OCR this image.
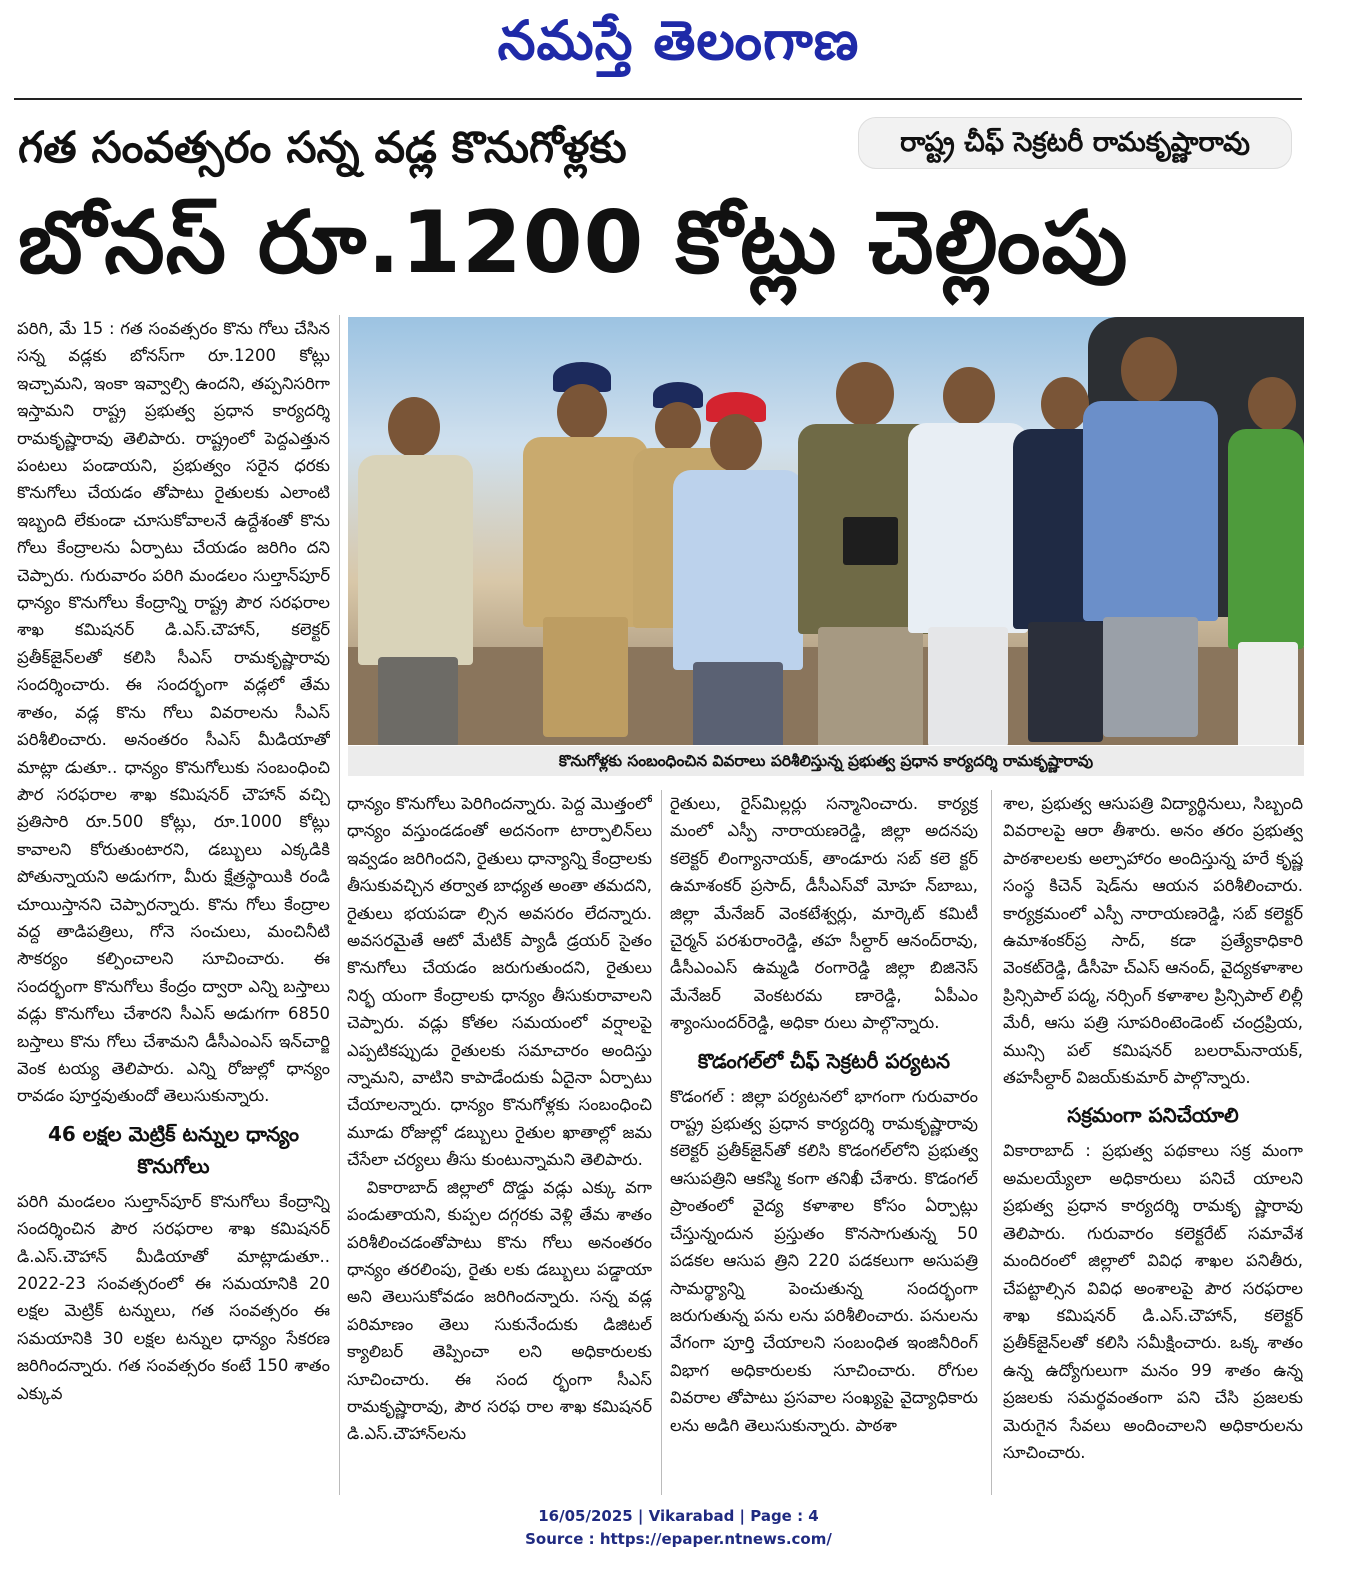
నమస్తే తెలంగాణ
గత సంవత్సరం సన్న వడ్ల కొనుగోళ్లకు	రాష్ట్ర చీఫ్ సెక్రటరీ రామకృష్ణారావు
బోనస్ రూ.1200 కోట్లు చెల్లింపు

పరిగి, మే 15 : గత సంవత్సరం కొను గోలు చేసిన సన్న వడ్లకు బోనస్‌గా రూ.1200 కోట్లు ఇచ్చామని, ఇంకా ఇవ్వాల్సి ఉందని, తప్పనిసరిగా ఇస్తామని రాష్ట్ర ప్రభుత్వ ప్రధాన కార్యదర్శి రామకృష్ణారావు తెలిపారు. రాష్ట్రంలో పెద్దఎత్తున పంటలు పండాయని, ప్రభుత్వం సరైన ధరకు కొనుగోలు చేయడం తోపాటు రైతులకు ఎలాంటి ఇబ్బంది లేకుండా చూసుకోవాలనే ఉద్దేశంతో కొను గోలు కేంద్రాలను ఏర్పాటు చేయడం జరిగిం దని చెప్పారు. గురువారం పరిగి మండలం సుల్తాన్‌పూర్ ధాన్యం కొనుగోలు కేంద్రాన్ని రాష్ట్ర పౌర సరఫరాల శాఖ కమిషనర్ డి.ఎస్.చౌహాన్, కలెక్టర్ ప్రతీక్‌జైన్‌లతో కలిసి సీఎస్ రామకృష్ణారావు సందర్శించారు. ఈ సందర్భంగా వడ్లలో తేమ శాతం, వడ్ల కొను గోలు వివరాలను సీఎస్ పరిశీలించారు. అనంతరం సీఎస్ మీడియాతో మాట్లా డుతూ.. ధాన్యం కొనుగోలుకు సంబంధించి పౌర సరఫరాల శాఖ కమిషనర్ చౌహాన్ వచ్చి ప్రతిసారి రూ.500 కోట్లు, రూ.1000 కోట్లు కావాలని కోరుతుంటారని, డబ్బులు ఎక్కడికి పోతున్నాయని అడుగగా, మీరు క్షేత్రస్థాయికి రండి చూయిస్తానని చెప్పారన్నారు. కొను గోలు కేంద్రాల వద్ద తాడిపత్రిలు, గోనె సంచులు, మంచినీటి సౌకర్యం కల్పించాలని సూచించారు. ఈ సందర్భంగా కొనుగోలు కేంద్రం ద్వారా ఎన్ని బస్తాలు వడ్లు కొనుగోలు చేశారని సీఎస్ అడుగగా 6850 బస్తాలు కొను గోలు చేశామని డీసీఎంఎస్ ఇన్‌చార్జి వెంక టయ్య తెలిపారు. ఎన్ని రోజుల్లో ధాన్యం రావడం పూర్తవుతుందో తెలుసుకున్నారు.

46 లక్షల మెట్రిక్ టన్నుల ధాన్యం కొనుగోలు

పరిగి మండలం సుల్తాన్‌పూర్ కొనుగోలు కేంద్రాన్ని సందర్శించిన పౌర సరఫరాల శాఖ కమిషనర్ డి.ఎస్.చౌహాన్ మీడియాతో మాట్లాడుతూ.. 2022-23 సంవత్సరంలో ఈ సమయానికి 20 లక్షల మెట్రిక్ టన్నులు, గత సంవత్సరం ఈ సమయానికి 30 లక్షల టన్నుల ధాన్యం సేకరణ జరిగిందన్నారు. గత సంవత్సరం కంటే 150 శాతం ఎక్కువ

కొనుగోళ్లకు సంబంధించిన వివరాలు పరిశీలిస్తున్న ప్రభుత్వ ప్రధాన కార్యదర్శి రామకృష్ణారావు

ధాన్యం కొనుగోలు పెరిగిందన్నారు. పెద్ద మొత్తంలో ధాన్యం వస్తుండడంతో అదనంగా టార్పాలిన్‌లు ఇవ్వడం జరిగిందని, రైతులు ధాన్యాన్ని కేంద్రాలకు తీసుకువచ్చిన తర్వాత బాధ్యత అంతా తమదని, రైతులు భయపడా ల్సిన అవసరం లేదన్నారు. అవసరమైతే ఆటో మేటిక్ ప్యాడీ డ్రయర్ సైతం కొనుగోలు చేయడం జరుగుతుందని, రైతులు నిర్భ యంగా కేంద్రాలకు ధాన్యం తీసుకురావాలని చెప్పారు. వడ్లు కోతల సమయంలో వర్షాలపై ఎప్పటికప్పుడు రైతులకు సమాచారం అందిస్తు న్నామని, వాటిని కాపాడేందుకు ఏదైనా ఏర్పాటు చేయాలన్నారు. ధాన్యం కొనుగోళ్లకు సంబంధించి మూడు రోజుల్లో డబ్బులు రైతుల ఖాతాల్లో జమ చేసేలా చర్యలు తీసు కుంటున్నామని తెలిపారు.

వికారాబాద్ జిల్లాలో దొడ్డు వడ్లు ఎక్కు వగా పండుతాయని, కుప్పల దగ్గరకు వెళ్లి తేమ శాతం పరిశీలించడంతోపాటు కొను గోలు అనంతరం ధాన్యం తరలింపు, రైతు లకు డబ్బులు పడ్డాయా అని తెలుసుకోవడం జరిగిందన్నారు. సన్న వడ్ల పరిమాణం తెలు సుకునేందుకు డిజిటల్ క్యాలిబర్ తెప్పించా లని అధికారులకు సూచించారు. ఈ సంద ర్భంగా సీఎస్ రామకృష్ణారావు, పౌర సరఫ రాల శాఖ కమిషనర్ డి.ఎస్.చౌహాన్‌లను

రైతులు, రైస్‌మిల్లర్లు సన్మానించారు. కార్యక్ర మంలో ఎస్పీ నారాయణరెడ్డి, జిల్లా అదనపు కలెక్టర్ లింగ్యానాయక్, తాండూరు సబ్ కలె క్టర్ ఉమాశంకర్ ప్రసాద్, డీసీఎస్‌వో మోహ న్‌బాబు, జిల్లా మేనేజర్ వెంకటేశ్వర్లు, మార్కెట్ కమిటీ చైర్మన్ పరశురాంరెడ్డి, తహ సీల్దార్ ఆనంద్‌రావు, డీసీఎంఎస్ ఉమ్మడి రంగారెడ్డి జిల్లా బిజినెస్ మేనేజర్ వెంకటరమ ణారెడ్డి, ఏపీఎం శ్యాంసుందర్‌రెడ్డి, అధికా రులు పాల్గొన్నారు.

కొడంగల్‌లో చీఫ్ సెక్రటరీ పర్యటన

కొడంగల్ : జిల్లా పర్యటనలో భాగంగా గురువారం రాష్ట్ర ప్రభుత్వ ప్రధాన కార్యదర్శి రామకృష్ణారావు కలెక్టర్ ప్రతీక్‌జైన్‌తో కలిసి కొడంగల్‌లోని ప్రభుత్వ ఆసుపత్రిని ఆకస్మి కంగా తనిఖీ చేశారు. కొడంగల్ ప్రాంతంలో వైద్య కళాశాల కోసం ఏర్పాట్లు చేస్తున్నందున ప్రస్తుతం కొనసాగుతున్న 50 పడకల ఆసుప త్రిని 220 పడకలుగా అసుపత్రి సామర్థ్యాన్ని పెంచుతున్న సందర్భంగా జరుగుతున్న పను లను పరిశీలించారు. పనులను వేగంగా పూర్తి చేయాలని సంబంధిత ఇంజినీరింగ్ విభాగ అధికారులకు సూచించారు. రోగుల వివరాల తోపాటు ప్రసవాల సంఖ్యపై వైద్యాధికారు లను అడిగి తెలుసుకున్నారు. పాఠశా

శాల, ప్రభుత్వ ఆసుపత్రి విద్యార్థినులు, సిబ్బంది వివరాలపై ఆరా తీశారు. అనం తరం ప్రభుత్వ పాఠశాలలకు అల్పాహారం అందిస్తున్న హరే కృష్ణ సంస్థ కిచెన్ షెడ్‌ను ఆయన పరిశీలించారు. కార్యక్రమంలో ఎస్పీ నారాయణరెడ్డి, సబ్ కలెక్టర్ ఉమాశంకర్‌ప్ర సాద్, కడా ప్రత్యేకాధికారి వెంకట్‌రెడ్డి, డీసీహె చ్‌ఎస్ ఆనంద్, వైద్యకళాశాల ప్రిన్సిపాల్ పద్మ, నర్సింగ్ కళాశాల ప్రిన్సిపాల్ లిల్లీ మేరీ, ఆసు పత్రి సూపరింటెండెంట్ చంద్రప్రియ, మున్సి పల్ కమిషనర్ బలరామ్‌నాయక్, తహసీల్దార్ విజయ్‌కుమార్ పాల్గొన్నారు.

సక్రమంగా పనిచేయాలి

వికారాబాద్ : ప్రభుత్వ పథకాలు సక్ర మంగా అమలయ్యేలా అధికారులు పనిచే యాలని ప్రభుత్వ ప్రధాన కార్యదర్శి రామకృ ష్ణారావు తెలిపారు. గురువారం కలెక్టరేట్ సమావేశ మందిరంలో జిల్లాలో వివిధ శాఖల పనితీరు, చేపట్టాల్సిన వివిధ అంశాలపై పౌర సరఫరాల శాఖ కమిషనర్ డి.ఎస్.చౌహాన్, కలెక్టర్ ప్రతీక్‌జైన్‌లతో కలిసి సమీక్షించారు. ఒక్క శాతం ఉన్న ఉద్యోగులుగా మనం 99 శాతం ఉన్న ప్రజలకు సమర్థవంతంగా పని చేసి ప్రజలకు మెరుగైన సేవలు అందించాలని అధికారులను సూచించారు.

16/05/2025 | Vikarabad | Page : 4
Source : https://epaper.ntnews.com/
